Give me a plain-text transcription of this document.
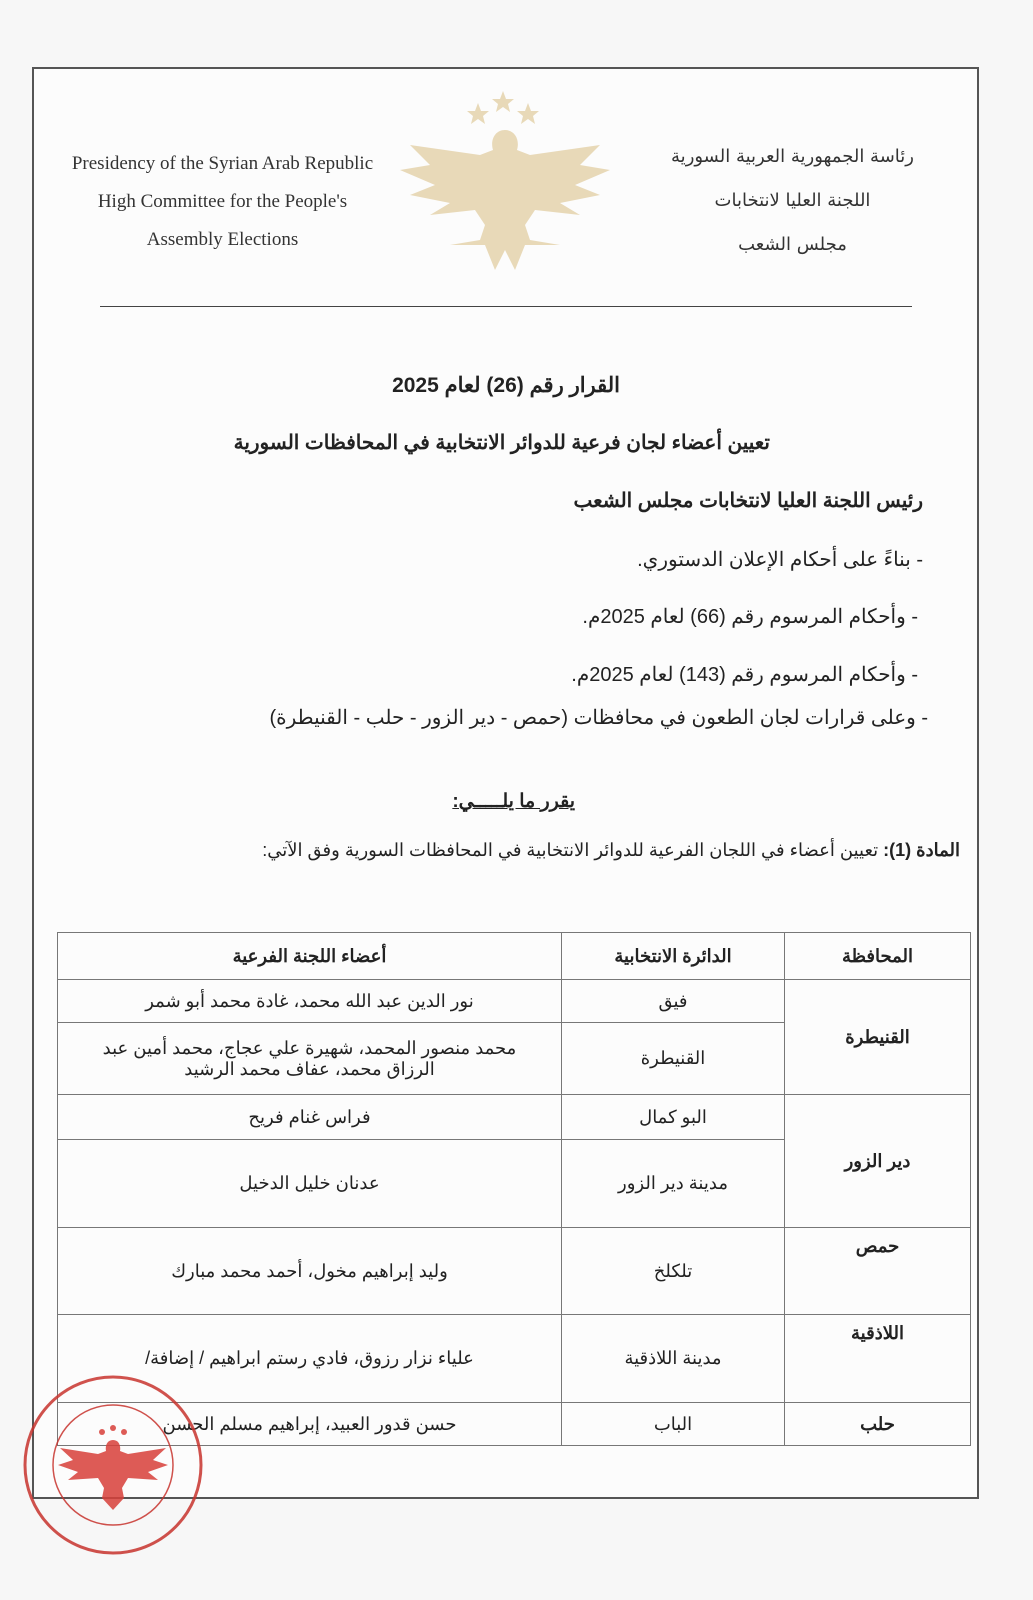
Presidency of the Syrian Arab Republic
High Committee for the People's
Assembly Elections
رئاسة الجمهورية العربية السورية
اللجنة العليا لانتخابات
مجلس الشعب
القرار رقم (26) لعام 2025
تعيين أعضاء لجان فرعية للدوائر الانتخابية في المحافظات السورية
رئيس اللجنة العليا لانتخابات مجلس الشعب
- بناءً على أحكام الإعلان الدستوري.
- وأحكام المرسوم رقم (66) لعام 2025م.
- وأحكام المرسوم رقم (143) لعام 2025م.
- وعلى قرارات لجان الطعون في محافظات (حمص - دير الزور - حلب - القنيطرة)
يقرر ما يلـــــي:
المادة (1): تعيين أعضاء في اللجان الفرعية للدوائر الانتخابية في المحافظات السورية وفق الآتي:
المحافظة	الدائرة الانتخابية	أعضاء اللجنة الفرعية
القنيطرة	فيق	نور الدين عبد الله محمد، غادة محمد أبو شمر
	القنيطرة	محمد منصور المحمد، شهيرة علي عجاج، محمد أمين عبد الرزاق محمد، عفاف محمد الرشيد
دير الزور	البو كمال	فراس غنام فريح
	مدينة دير الزور	عدنان خليل الدخيل
حمص	تلكلخ	وليد إبراهيم مخول، أحمد محمد مبارك
اللاذقية	مدينة اللاذقية	علياء نزار رزوق، فادي رستم ابراهيم / إضافة/
حلب	الباب	حسن قدور العبيد، إبراهيم مسلم الحسن
